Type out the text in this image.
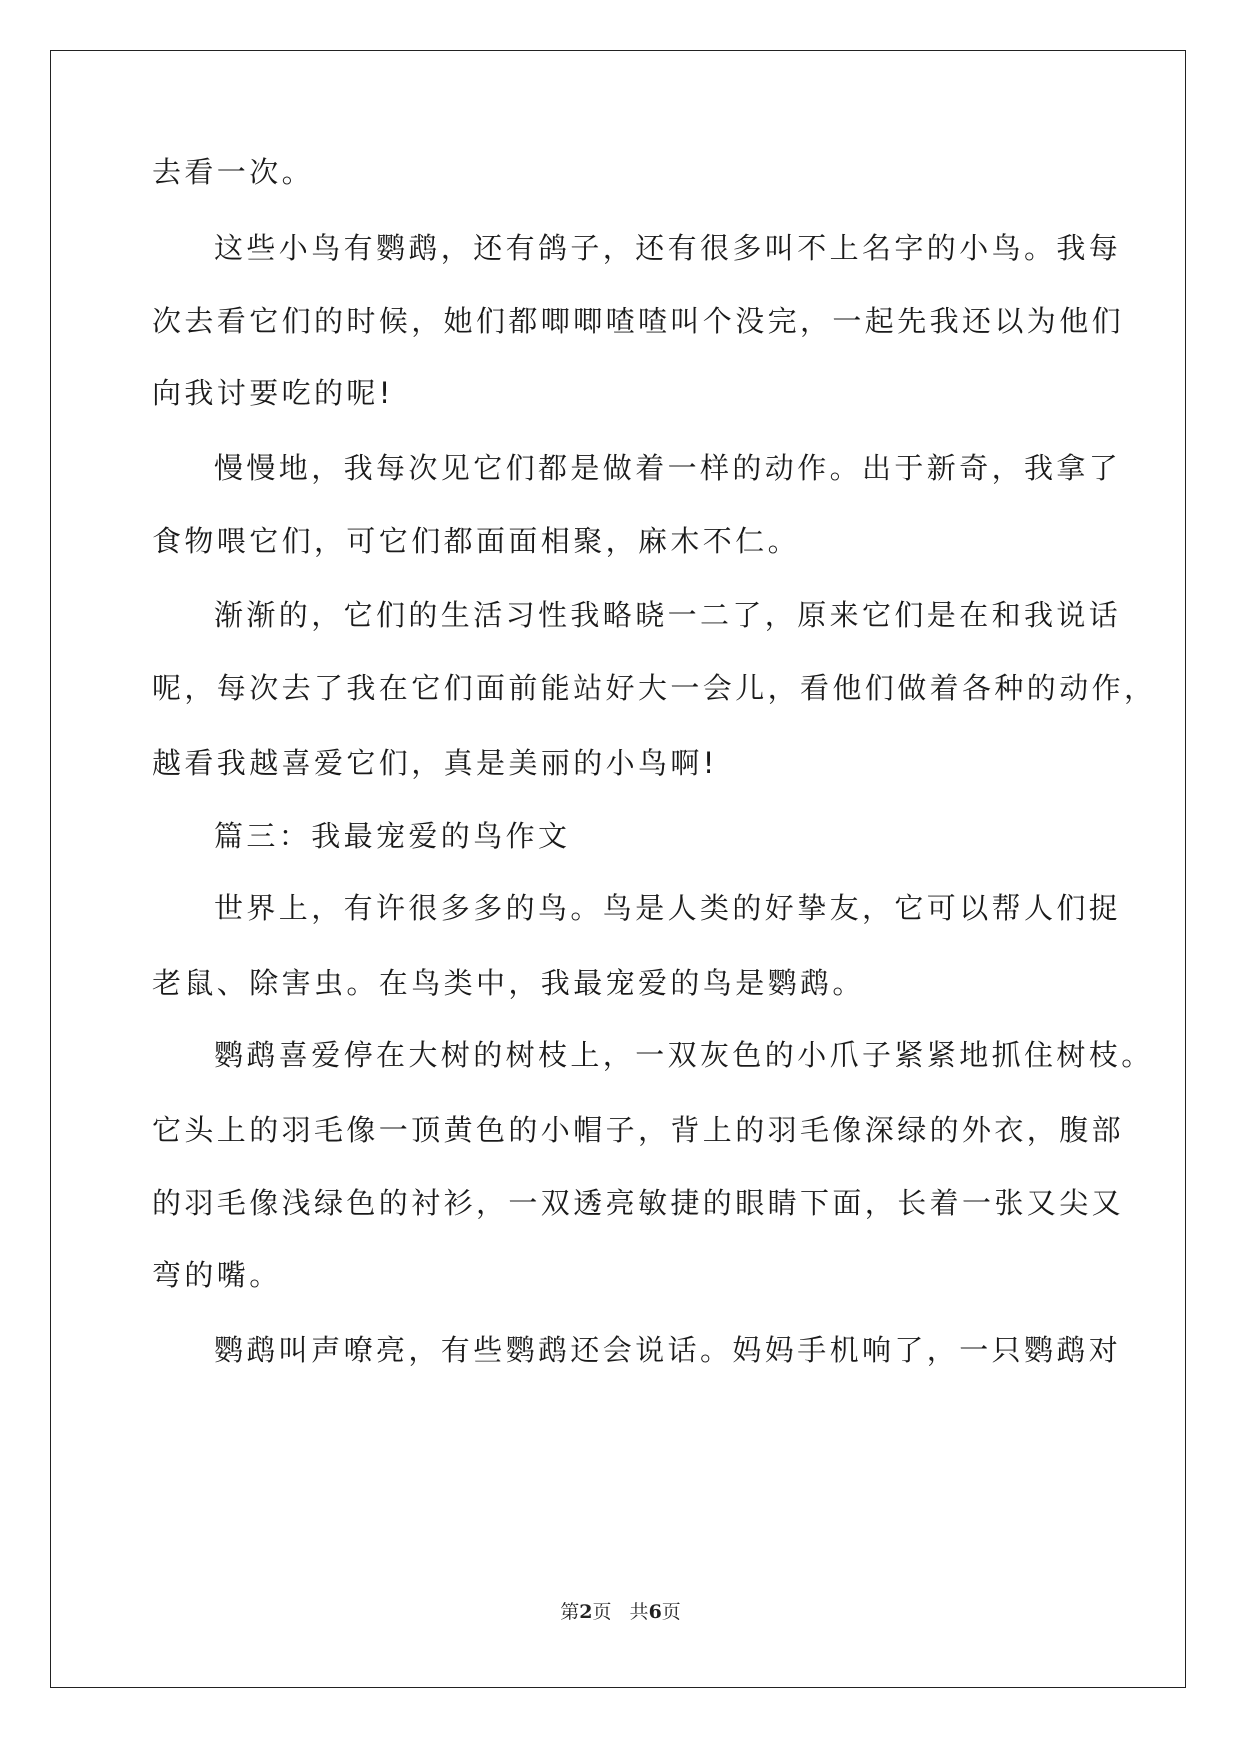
去看一次。
这些小鸟有鹦鹉，还有鸽子，还有很多叫不上名字的小鸟。我每
次去看它们的时候，她们都唧唧喳喳叫个没完，一起先我还以为他们
向我讨要吃的呢!
慢慢地，我每次见它们都是做着一样的动作。出于新奇，我拿了
食物喂它们，可它们都面面相聚，麻木不仁。
渐渐的，它们的生活习性我略晓一二了，原来它们是在和我说话
呢，每次去了我在它们面前能站好大一会儿，看他们做着各种的动作，
越看我越喜爱它们，真是美丽的小鸟啊!
篇三：我最宠爱的鸟作文
世界上，有许很多多的鸟。鸟是人类的好挚友，它可以帮人们捉
老鼠、除害虫。在鸟类中，我最宠爱的鸟是鹦鹉。
鹦鹉喜爱停在大树的树枝上，一双灰色的小爪子紧紧地抓住树枝。
它头上的羽毛像一顶黄色的小帽子，背上的羽毛像深绿的外衣，腹部
的羽毛像浅绿色的衬衫，一双透亮敏捷的眼睛下面，长着一张又尖又
弯的嘴。
鹦鹉叫声嘹亮，有些鹦鹉还会说话。妈妈手机响了，一只鹦鹉对
第2页   共6页
